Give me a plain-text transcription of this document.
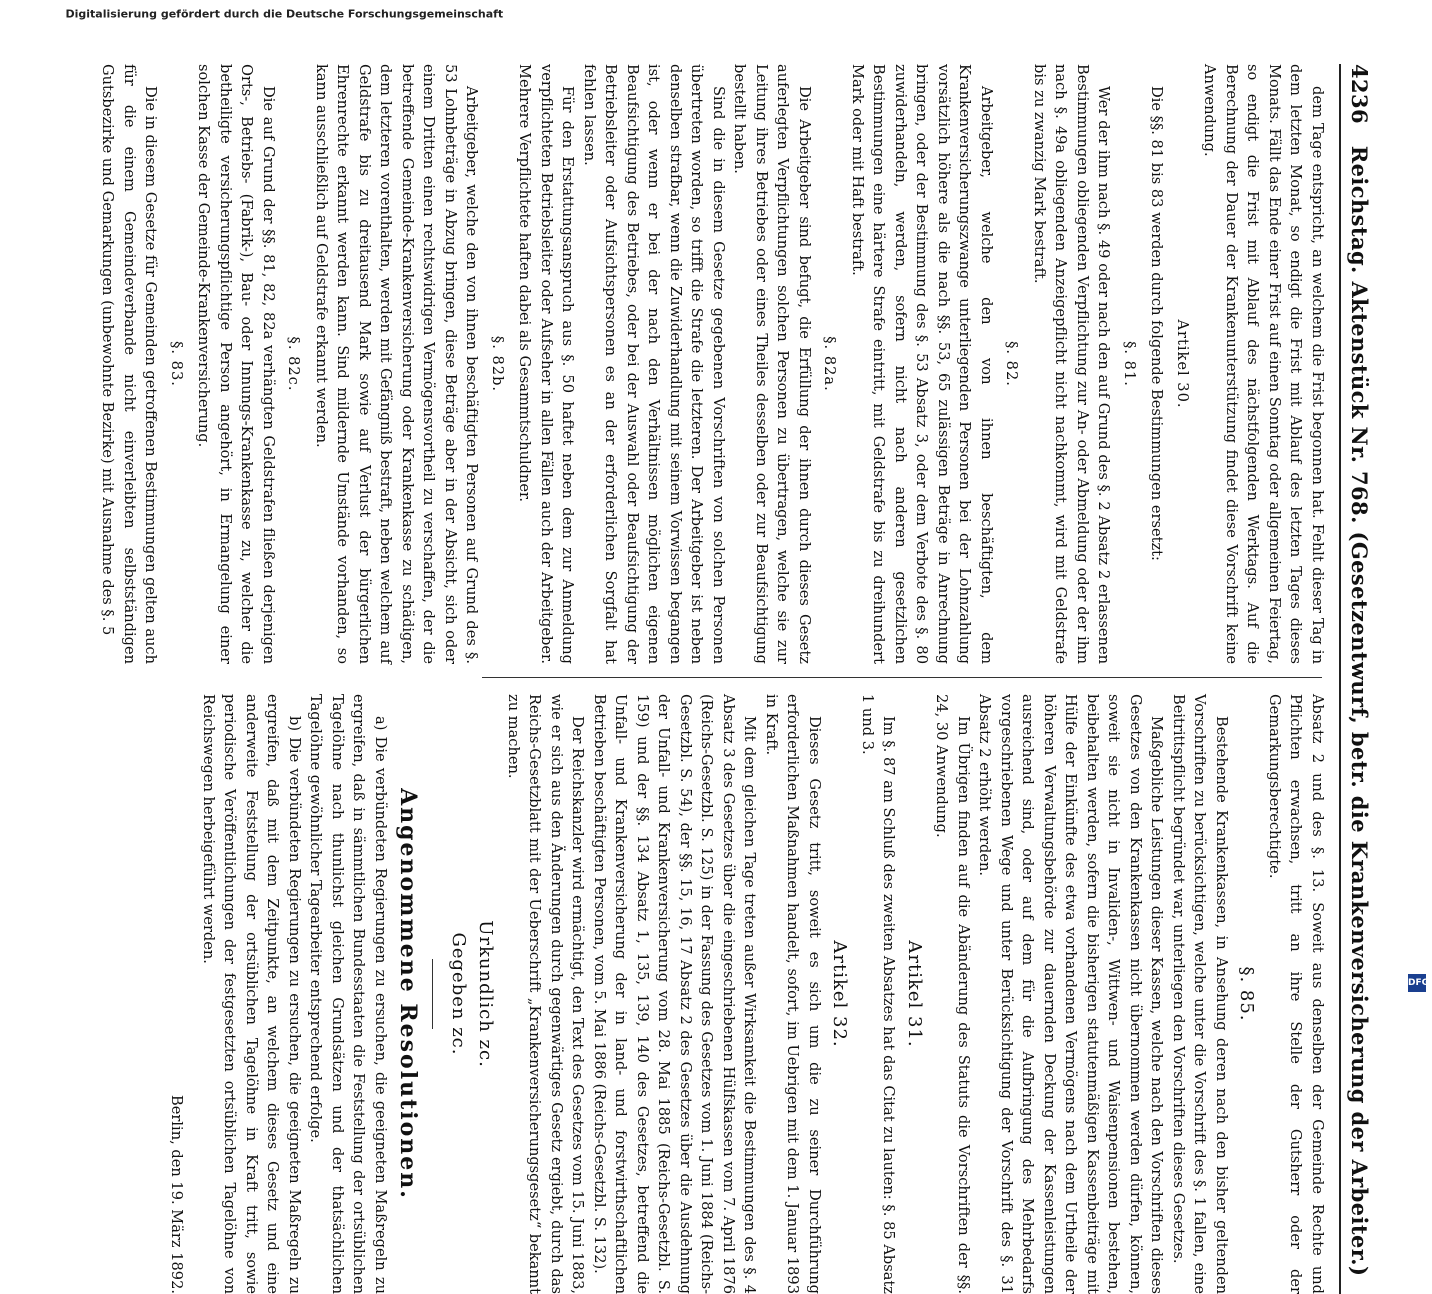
4236 Reichstag. Aktenstück Nr. 768. (Gesetzentwurf, betr. die Krankenversicherung der Arbeiter.)

dem Tage entspricht, an welchem die Frist begonnen hat. Fehlt dieser Tag in dem letzten Monat, so endigt die Frist mit Ablauf des letzten Tages dieses Monats. Fällt das Ende einer Frist auf einen Sonntag oder allgemeinen Feiertag, so endigt die Frist mit Ablauf des nächstfolgenden Werktags. Auf die Berechnung der Dauer der Krankenunterstützung findet diese Vorschrift keine Anwendung.

Artikel 30.

Die §§. 81 bis 83 werden durch folgende Bestimmungen ersetzt:

§. 81.

Wer der ihm nach §. 49 oder nach den auf Grund des §. 2 Absatz 2 erlassenen Bestimmungen obliegenden Verpflichtung zur An- oder Abmeldung oder der ihm nach §. 49a obliegenden Anzeigepflicht nicht nachkommt, wird mit Geldstrafe bis zu zwanzig Mark bestraft.

§. 82.

Arbeitgeber, welche den von ihnen beschäftigten, dem Krankenversicherungszwange unterliegenden Personen bei der Lohnzahlung vorsätzlich höhere als die nach §§. 53, 65 zulässigen Beträge in Anrechnung bringen, oder der Bestimmung des §. 53 Absatz 3, oder dem Verbote des §. 80 zuwiderhandeln, werden, sofern nicht nach anderen gesetzlichen Bestimmungen eine härtere Strafe eintritt, mit Geldstrafe bis zu dreihundert Mark oder mit Haft bestraft.

§. 82a.

Die Arbeitgeber sind befugt, die Erfüllung der ihnen durch dieses Gesetz auferlegten Verpflichtungen solchen Personen zu übertragen, welche sie zur Leitung ihres Betriebes oder eines Theiles desselben oder zur Beaufsichtigung bestellt haben.

Sind die in diesem Gesetze gegebenen Vorschriften von solchen Personen übertreten worden, so trifft die Strafe die letzteren. Der Arbeitgeber ist neben denselben strafbar, wenn die Zuwiderhandlung mit seinem Vorwissen begangen ist, oder wenn er bei der nach den Verhältnissen möglichen eigenen Beaufsichtigung des Betriebes, oder bei der Auswahl oder Beaufsichtigung der Betriebsleiter oder Aufsichtspersonen es an der erforderlichen Sorgfalt hat fehlen lassen.

Für den Erstattungsanspruch aus §. 50 haftet neben dem zur Anmeldung verpflichteten Betriebsleiter oder Aufseher in allen Fällen auch der Arbeitgeber. Mehrere Verpflichtete haften dabei als Gesammtschuldner.

§. 82b.

Arbeitgeber, welche den von ihnen beschäftigten Personen auf Grund des §. 53 Lohnbeträge in Abzug bringen, diese Beträge aber in der Absicht, sich oder einem Dritten einen rechtswidrigen Vermögensvortheil zu verschaffen, der die betreffende Gemeinde-Krankenversicherung oder Krankenkasse zu schädigen, dem letzteren vorenthalten, werden mit Gefängniß bestraft, neben welchem auf Geldstrafe bis zu dreitausend Mark sowie auf Verlust der bürgerlichen Ehrenrechte erkannt werden kann. Sind mildernde Umstände vorhanden, so kann ausschließlich auf Geldstrafe erkannt werden.

§. 82c.

Die auf Grund der §§. 81, 82, 82a verhängten Geldstrafen fließen derjenigen Orts-, Betriebs- (Fabrik-), Bau- oder Innungs-Krankenkasse zu, welcher die betheiligte versicherungspflichtige Person angehört, in Ermangelung einer solchen Kasse der Gemeinde-Krankenversicherung.

§. 83.

Die in diesem Gesetze für Gemeinden getroffenen Bestimmungen gelten auch für die einem Gemeindeverbande nicht einverleibten selbstständigen Gutsbezirke und Gemarkungen (unbewohnte Bezirke) mit Ausnahme des §. 5

Absatz 2 und des §. 13. Soweit aus denselben der Gemeinde Rechte und Pflichten erwachsen, tritt an ihre Stelle der Gutsherr oder der Gemarkungsberechtigte.

§. 85.

Bestehende Krankenkassen, in Ansehung deren nach den bisher geltenden Vorschriften zu berücksichtigen, welche unter die Vorschrift des §. 1 fallen, eine Beitrittspflicht begründet war, unterliegen den Vorschriften dieses Gesetzes.

Maßgebliche Leistungen dieser Kassen, welche nach den Vorschriften dieses Gesetzes von den Krankenkassen nicht übernommen werden dürfen, können, soweit sie nicht in Invaliden-, Wittwen- und Waisenpensionen bestehen, beibehalten werden, sofern die bisherigen statutenmäßigen Kassenbeiträge mit Hülfe der Einkünfte des etwa vorhandenen Vermögens nach dem Urtheile der höheren Verwaltungsbehörde zur dauernden Deckung der Kassenleistungen ausreichend sind, oder auf dem für die Aufbringung des Mehrbedarfs vorgeschriebenen Wege und unter Berücksichtigung der Vorschrift des §. 31 Absatz 2 erhöht werden.

Im Übrigen finden auf die Abänderung des Statuts die Vorschriften der §§. 24, 30 Anwendung.

Artikel 31.

Im §. 87 am Schluß des zweiten Absatzes hat das Citat zu lauten: §. 85 Absatz 1 und 3.

Artikel 32.

Dieses Gesetz tritt, soweit es sich um die zu seiner Durchführung erforderlichen Maßnahmen handelt, sofort, im Uebrigen mit dem 1. Januar 1893 in Kraft.

Mit dem gleichen Tage treten außer Wirksamkeit die Bestimmungen des §. 4 Absatz 3 des Gesetzes über die eingeschriebenen Hülfskassen vom 7. April 1876 (Reichs-Gesetzbl. S. 125) in der Fassung des Gesetzes vom 1. Juni 1884 (Reichs-Gesetzbl. S. 54), der §§. 15, 16, 17 Absatz 2 des Gesetzes über die Ausdehnung der Unfall- und Krankenversicherung vom 28. Mai 1885 (Reichs-Gesetzbl. S. 159) und der §§. 134 Absatz 1, 135, 139, 140 des Gesetzes, betreffend die Unfall- und Krankenversicherung der in land- und forstwirthschaftlichen Betrieben beschäftigten Personen, vom 5. Mai 1886 (Reichs-Gesetzbl. S. 132).

Der Reichskanzler wird ermächtigt, den Text des Gesetzes vom 15. Juni 1883, wie er sich aus den Änderungen durch gegenwärtiges Gesetz ergiebt, durch das Reichs-Gesetzblatt mit der Ueberschrift „Krankenversicherungsgesetz“ bekannt zu machen.

Urkundlich zc.

Gegeben zc.

Angenommene Resolutionen.

a) Die verbündeten Regierungen zu ersuchen, die geeigneten Maßregeln zu ergreifen, daß in sämmtlichen Bundesstaaten die Feststellung der ortsüblichen Tagelöhne nach thunlichst gleichen Grundsätzen und der thatsächlichen Tagelöhne gewöhnlicher Tagearbeiter entsprechend erfolge.

b) Die verbündeten Regierungen zu ersuchen, die geeigneten Maßregeln zu ergreifen, daß mit dem Zeitpunkte, an welchem dieses Gesetz und eine anderweite Feststellung der ortsüblichen Tagelöhne in Kraft tritt, sowie periodische Veröffentlichungen der festgesetzten ortsüblichen Tagelöhne von Reichswegen herbeigeführt werden.

Berlin, den 19. März 1892.

Digitalisierung gefördert durch die Deutsche Forschungsgemeinschaft
DFG
